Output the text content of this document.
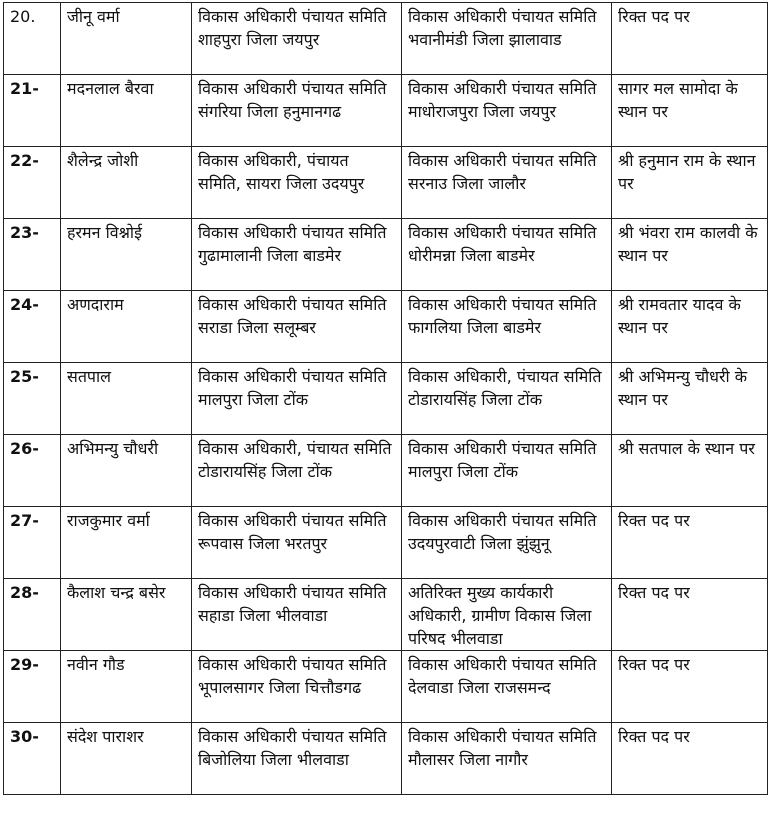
20.	जीनू वर्मा	विकास अधिकारी पंचायत समिति शाहपुरा जिला जयपुर	विकास अधिकारी पंचायत समिति भवानीमंडी जिला झालावाड	रिक्त पद पर
21-	मदनलाल बैरवा	विकास अधिकारी पंचायत समिति संगरिया जिला हनुमानगढ	विकास अधिकारी पंचायत समिति माधोराजपुरा जिला जयपुर	सागर मल सामोदा के स्थान पर
22-	शैलेन्द्र जोशी	विकास अधिकारी, पंचायत समिति, सायरा जिला उदयपुर	विकास अधिकारी पंचायत समिति सरनाउ जिला जालौर	श्री हनुमान राम के स्थान पर
23-	हरमन विश्नोई	विकास अधिकारी पंचायत समिति गुढामालानी जिला बाडमेर	विकास अधिकारी पंचायत समिति धोरीमन्ना जिला बाडमेर	श्री भंवरा राम कालवी के स्थान पर
24-	अणदाराम	विकास अधिकारी पंचायत समिति सराडा जिला सलूम्बर	विकास अधिकारी पंचायत समिति फागलिया जिला बाडमेर	श्री रामवतार यादव के स्थान पर
25-	सतपाल	विकास अधिकारी पंचायत समिति मालपुरा जिला टोंक	विकास अधिकारी, पंचायत समिति टोडारायसिंह जिला टोंक	श्री अभिमन्यु चौधरी के स्थान पर
26-	अभिमन्यु चौधरी	विकास अधिकारी, पंचायत समिति टोडारायसिंह जिला टोंक	विकास अधिकारी पंचायत समिति मालपुरा जिला टोंक	श्री सतपाल के स्थान पर
27-	राजकुमार वर्मा	विकास अधिकारी पंचायत समिति रूपवास जिला भरतपुर	विकास अधिकारी पंचायत समिति उदयपुरवाटी जिला झुंझुनू	रिक्त पद पर
28-	कैलाश चन्द्र बसेर	विकास अधिकारी पंचायत समिति सहाडा जिला भीलवाडा	अतिरिक्त मुख्य कार्यकारी अधिकारी, ग्रामीण विकास जिला परिषद भीलवाडा	रिक्त पद पर
29-	नवीन गौड	विकास अधिकारी पंचायत समिति भूपालसागर जिला चित्तौडगढ	विकास अधिकारी पंचायत समिति देलवाडा जिला राजसमन्द	रिक्त पद पर
30-	संदेश पाराशर	विकास अधिकारी पंचायत समिति बिजोलिया जिला भीलवाडा	विकास अधिकारी पंचायत समिति मौलासर जिला नागौर	रिक्त पद पर
